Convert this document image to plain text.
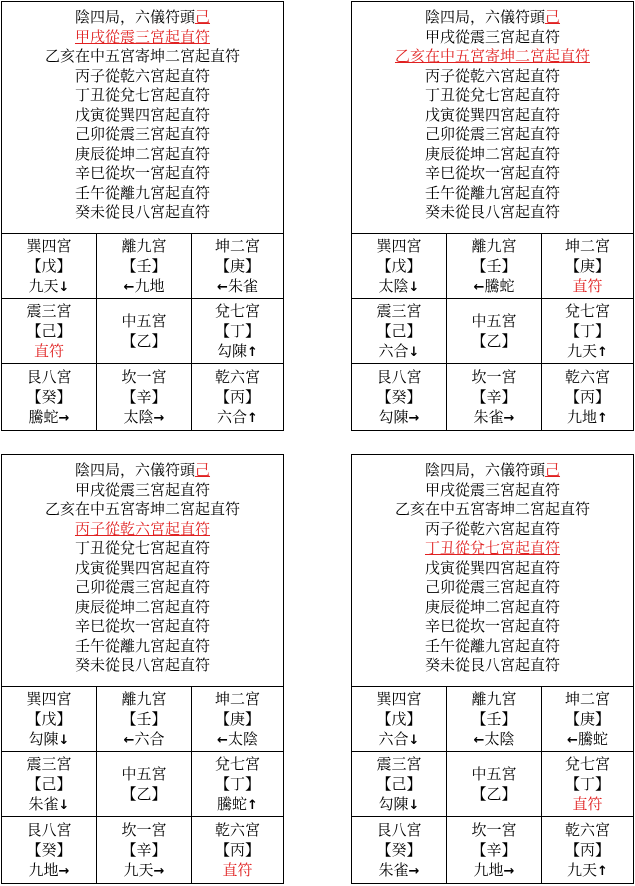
陰四局，六儀符頭己
甲戌從震三宮起直符
乙亥在中五宮寄坤二宮起直符
丙子從乾六宮起直符
丁丑從兌七宮起直符
戊寅從巽四宮起直符
己卯從震三宮起直符
庚辰從坤二宮起直符
辛巳從坎一宮起直符
壬午從離九宮起直符
癸未從艮八宮起直符
巽四宮
【戊】
九天↓
離九宮
【壬】
←九地
坤二宮
【庚】
←朱雀
震三宮
【己】
直符
中五宮
【乙】
兌七宮
【丁】
勾陳↑
艮八宮
【癸】
騰蛇→
坎一宮
【辛】
太陰→
乾六宮
【丙】
六合↑
陰四局，六儀符頭己
甲戌從震三宮起直符
乙亥在中五宮寄坤二宮起直符
丙子從乾六宮起直符
丁丑從兌七宮起直符
戊寅從巽四宮起直符
己卯從震三宮起直符
庚辰從坤二宮起直符
辛巳從坎一宮起直符
壬午從離九宮起直符
癸未從艮八宮起直符
巽四宮
【戊】
太陰↓
離九宮
【壬】
←騰蛇
坤二宮
【庚】
直符
震三宮
【己】
六合↓
中五宮
【乙】
兌七宮
【丁】
九天↑
艮八宮
【癸】
勾陳→
坎一宮
【辛】
朱雀→
乾六宮
【丙】
九地↑
陰四局，六儀符頭己
甲戌從震三宮起直符
乙亥在中五宮寄坤二宮起直符
丙子從乾六宮起直符
丁丑從兌七宮起直符
戊寅從巽四宮起直符
己卯從震三宮起直符
庚辰從坤二宮起直符
辛巳從坎一宮起直符
壬午從離九宮起直符
癸未從艮八宮起直符
巽四宮
【戊】
勾陳↓
離九宮
【壬】
←六合
坤二宮
【庚】
←太陰
震三宮
【己】
朱雀↓
中五宮
【乙】
兌七宮
【丁】
騰蛇↑
艮八宮
【癸】
九地→
坎一宮
【辛】
九天→
乾六宮
【丙】
直符
陰四局，六儀符頭己
甲戌從震三宮起直符
乙亥在中五宮寄坤二宮起直符
丙子從乾六宮起直符
丁丑從兌七宮起直符
戊寅從巽四宮起直符
己卯從震三宮起直符
庚辰從坤二宮起直符
辛巳從坎一宮起直符
壬午從離九宮起直符
癸未從艮八宮起直符
巽四宮
【戊】
六合↓
離九宮
【壬】
←太陰
坤二宮
【庚】
←騰蛇
震三宮
【己】
勾陳↓
中五宮
【乙】
兌七宮
【丁】
直符
艮八宮
【癸】
朱雀→
坎一宮
【辛】
九地→
乾六宮
【丙】
九天↑
